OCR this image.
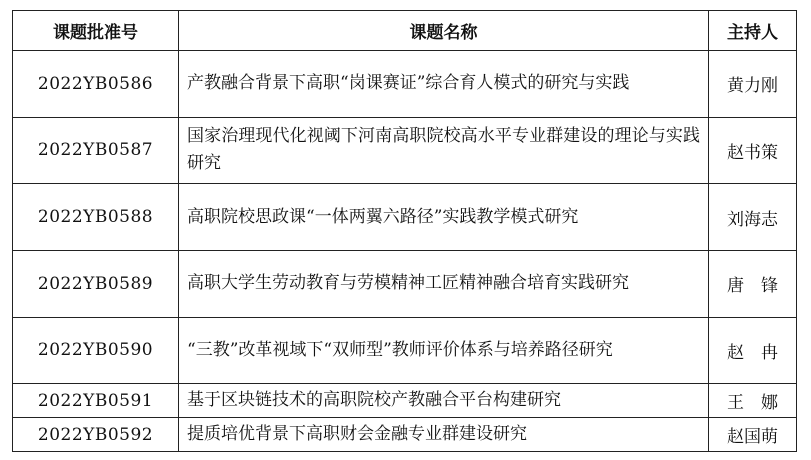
课题批准号	课题名称	主持人
2022YB0586	产教融合背景下高职“岗课赛证”综合育人模式的研究与实践	黄力刚
2022YB0587	国家治理现代化视阈下河南高职院校高水平专业群建设的理论与实践研究	赵书策
2022YB0588	高职院校思政课“一体两翼六路径”实践教学模式研究	刘海志
2022YB0589	高职大学生劳动教育与劳模精神工匠精神融合培育实践研究	唐　锋
2022YB0590	“三教”改革视域下“双师型”教师评价体系与培养路径研究	赵　冉
2022YB0591	基于区块链技术的高职院校产教融合平台构建研究	王　娜
2022YB0592	提质培优背景下高职财会金融专业群建设研究	赵国萌
